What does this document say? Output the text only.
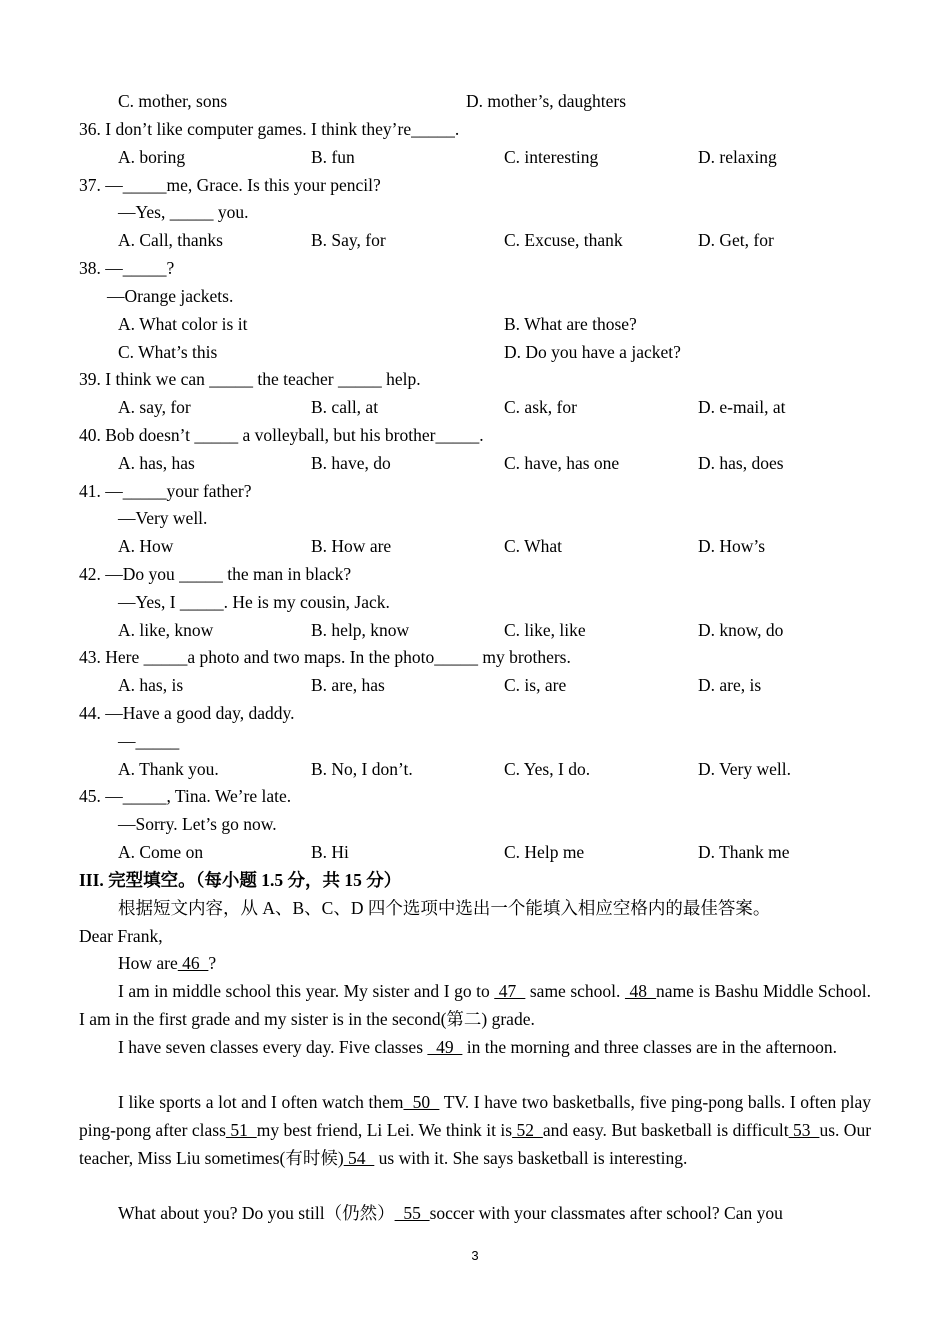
C. mother, sons	D. mother’s, daughters
36. I don’t like computer games. I think they’re_____.
A. boring	B. fun	C. interesting	D. relaxing
37. —_____me, Grace. Is this your pencil?
—Yes, _____ you.
A. Call, thanks	B. Say, for	C. Excuse, thank	D. Get, for
38. —_____?
—Orange jackets.
A. What color is it	B. What are those?
C. What’s this	D. Do you have a jacket?
39. I think we can _____ the teacher _____ help.
A. say, for	B. call, at	C. ask, for	D. e-mail, at
40. Bob doesn’t _____ a volleyball, but his brother_____.
A. has, has	B. have, do	C. have, has one	D. has, does
41. —_____your father?
—Very well.
A. How	B. How are	C. What	D. How’s
42. —Do you _____ the man in black?
—Yes, I _____. He is my cousin, Jack.
A. like, know	B. help, know	C. like, like	D. know, do
43. Here _____a photo and two maps. In the photo_____ my brothers.
A. has, is	B. are, has	C. is, are	D. are, is
44. —Have a good day, daddy.
—_____
A. Thank you.	B. No, I don’t.	C. Yes, I do.	D. Very well.
45. —_____, Tina. We’re late.
—Sorry. Let’s go now.
A. Come on	B. Hi	C. Help me	D. Thank me
III. 完型填空。（每小题 1.5 分，共 15 分）
根据短文内容，从 A、B、C、D 四个选项中选出一个能填入相应空格内的最佳答案。
Dear Frank,
How are 46  ?
I am in middle school this year. My sister and I go to  47   same school.  48  name is Bashu Middle School. I am in the first grade and my sister is in the second(第二) grade.
I have seven classes every day. Five classes   49   in the morning and three classes are in the afternoon.
I like sports a lot and I often watch them  50   TV. I have two basketballs, five ping-pong balls. I often play ping-pong after class 51  my best friend, Li Lei. We think it is 52  and easy. But basketball is difficult 53  us. Our teacher, Miss Liu sometimes(有时候) 54   us with it. She says basketball is interesting.
What about you? Do you still（仍然）  55  soccer with your classmates after school? Can you
3
